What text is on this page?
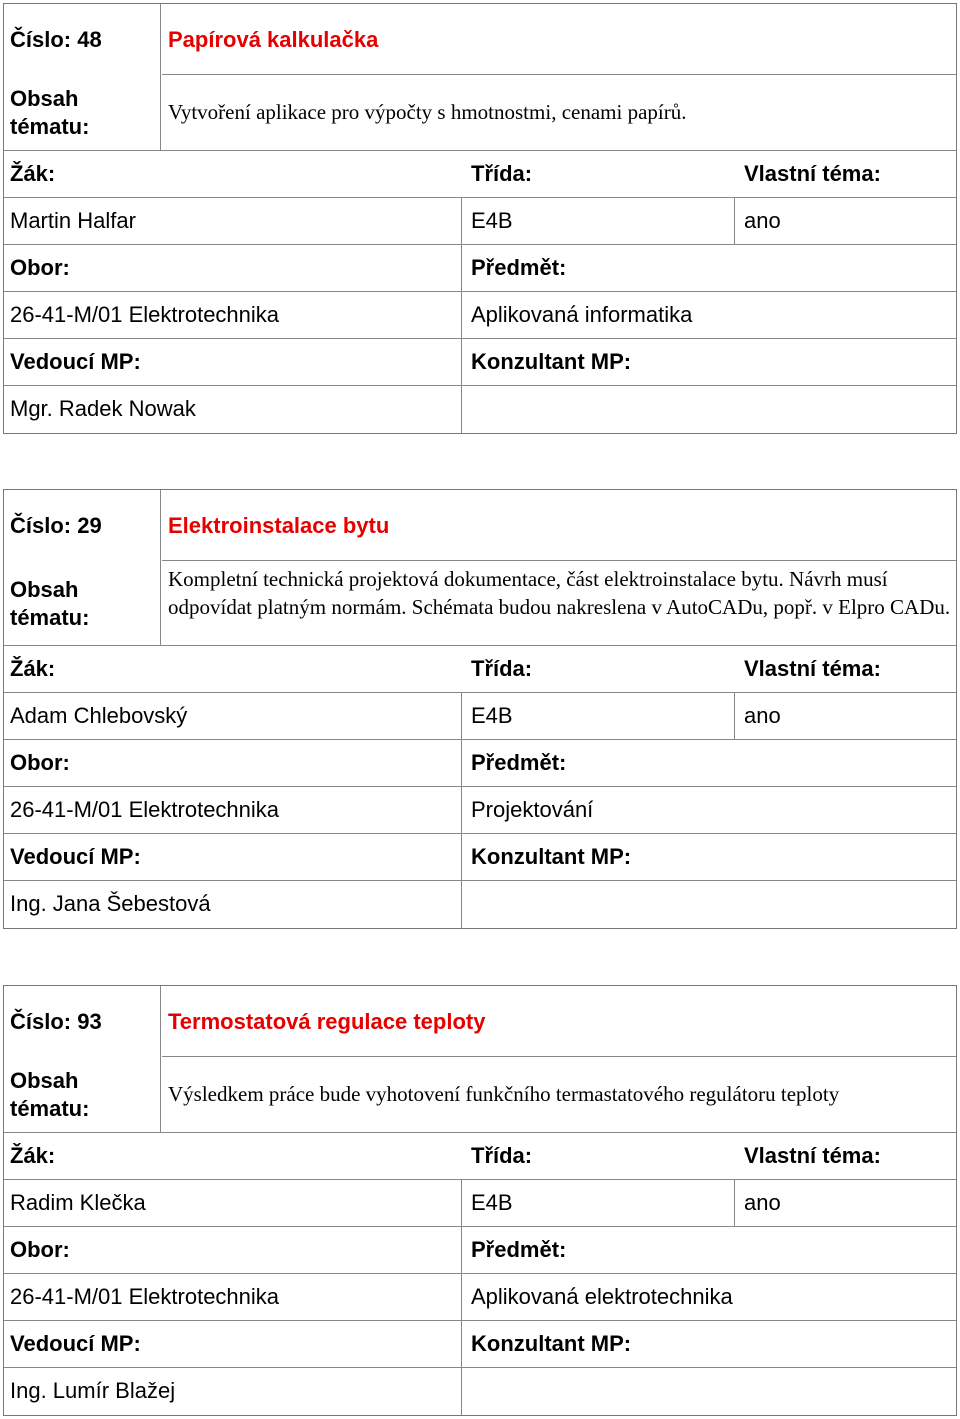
Číslo: 48	Papírová kalkulačka
Obsah
tématu:
Vytvoření aplikace pro výpočty s hmotnostmi, cenami papírů.
Žák:	Třída:	Vlastní téma:
Martin Halfar	E4B	ano
Obor:	Předmět:
26-41-M/01 Elektrotechnika	Aplikovaná informatika
Vedoucí MP:	Konzultant MP:
Mgr. Radek Nowak
Číslo: 29	Elektroinstalace bytu
Obsah
tématu:
Kompletní technická projektová dokumentace, část elektroinstalace bytu. Návrh musí odpovídat platným normám. Schémata budou nakreslena v AutoCADu, popř. v Elpro CADu.
Žák:	Třída:	Vlastní téma:
Adam Chlebovský	E4B	ano
Obor:	Předmět:
26-41-M/01 Elektrotechnika	Projektování
Vedoucí MP:	Konzultant MP:
Ing. Jana Šebestová
Číslo: 93	Termostatová regulace teploty
Obsah
tématu:
Výsledkem práce bude vyhotovení funkčního termastatového regulátoru teploty
Žák:	Třída:	Vlastní téma:
Radim Klečka	E4B	ano
Obor:	Předmět:
26-41-M/01 Elektrotechnika	Aplikovaná elektrotechnika
Vedoucí MP:	Konzultant MP:
Ing. Lumír Blažej
